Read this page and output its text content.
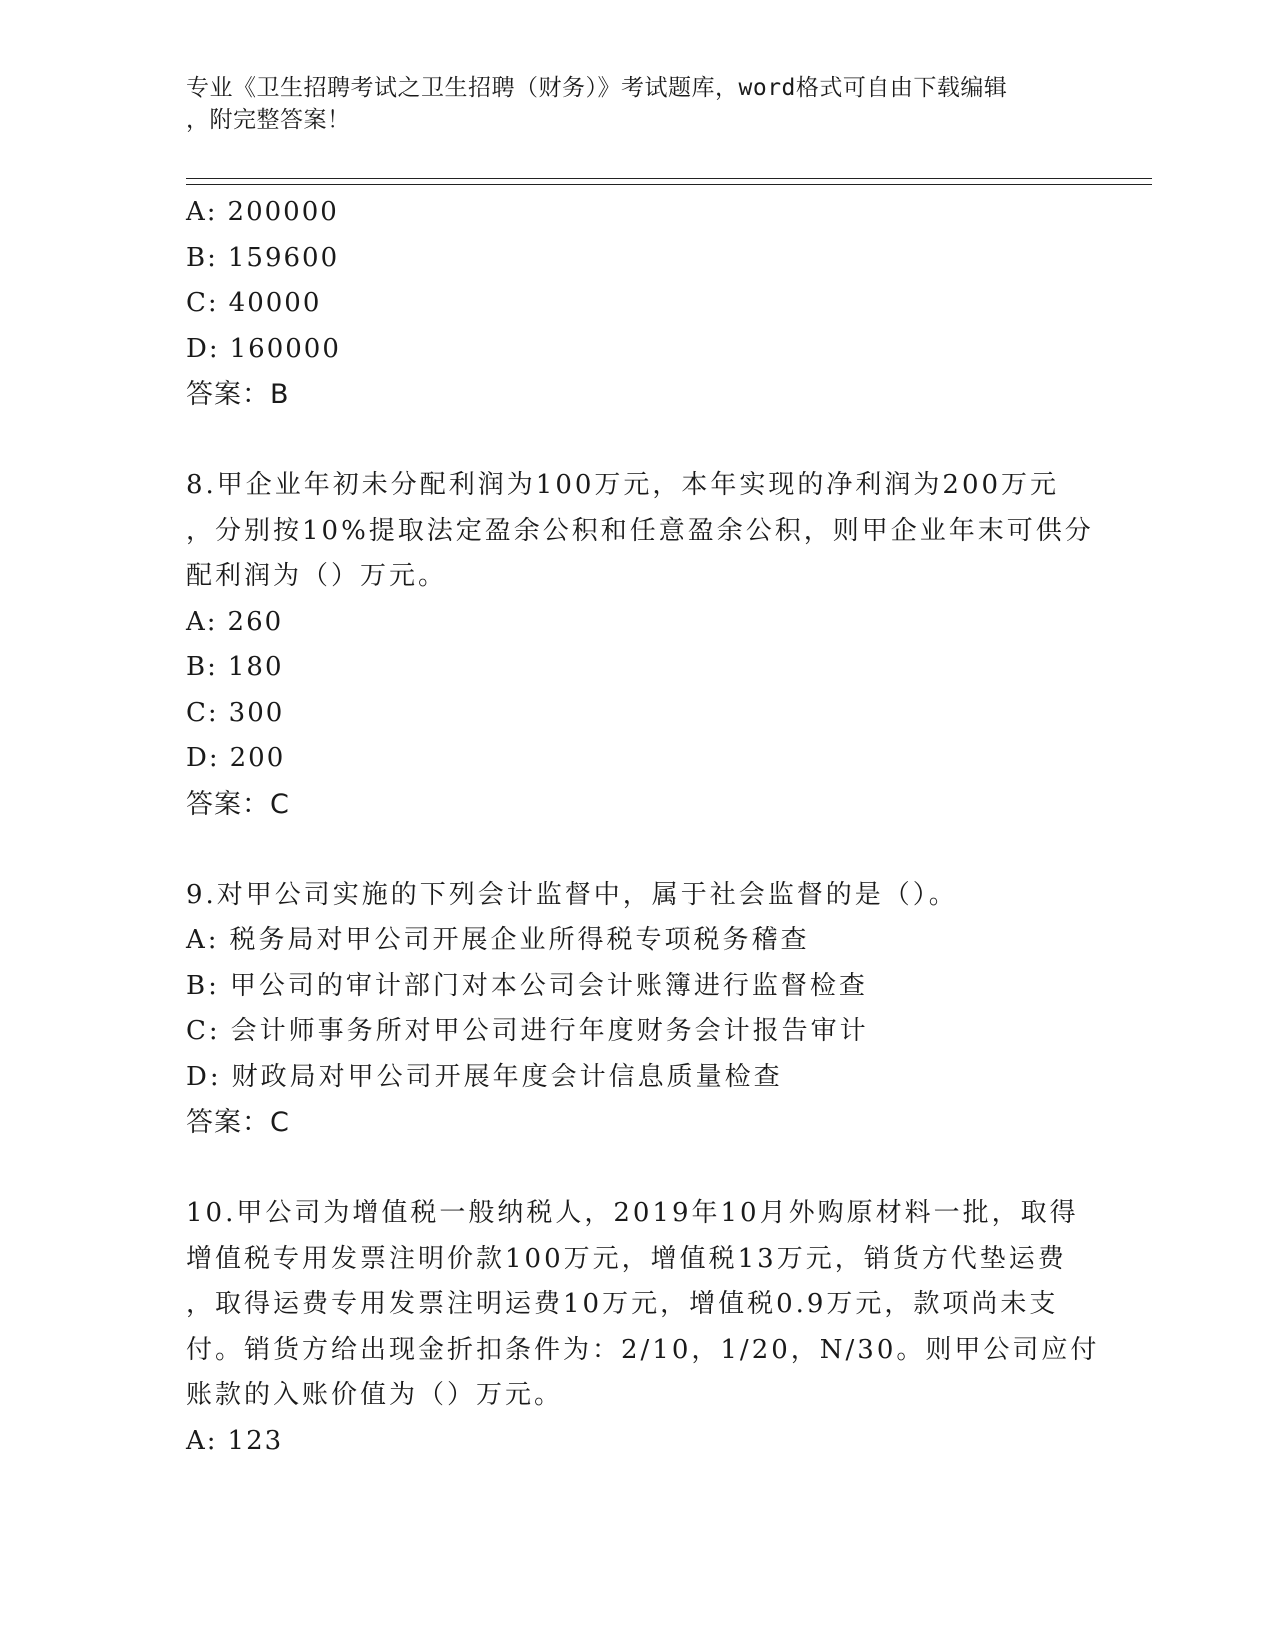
专业《卫生招聘考试之卫生招聘（财务）》考试题库，word格式可自由下载编辑
，附完整答案！
A: 200000
B: 159600
C: 40000
D: 160000
答案：B
8.甲企业年初未分配利润为100万元，本年实现的净利润为200万元
，分别按10%提取法定盈余公积和任意盈余公积，则甲企业年末可供分
配利润为（）万元。
A: 260
B: 180
C: 300
D: 200
答案：C
9.对甲公司实施的下列会计监督中，属于社会监督的是（）。
A: 税务局对甲公司开展企业所得税专项税务稽查
B: 甲公司的审计部门对本公司会计账簿进行监督检查
C: 会计师事务所对甲公司进行年度财务会计报告审计
D: 财政局对甲公司开展年度会计信息质量检查
答案：C
10.甲公司为增值税一般纳税人，2019年10月外购原材料一批，取得
增值税专用发票注明价款100万元，增值税13万元，销货方代垫运费
，取得运费专用发票注明运费10万元，增值税0.9万元，款项尚未支
付。销货方给出现金折扣条件为：2/10，1/20，N/30。则甲公司应付
账款的入账价值为（）万元。
A: 123
